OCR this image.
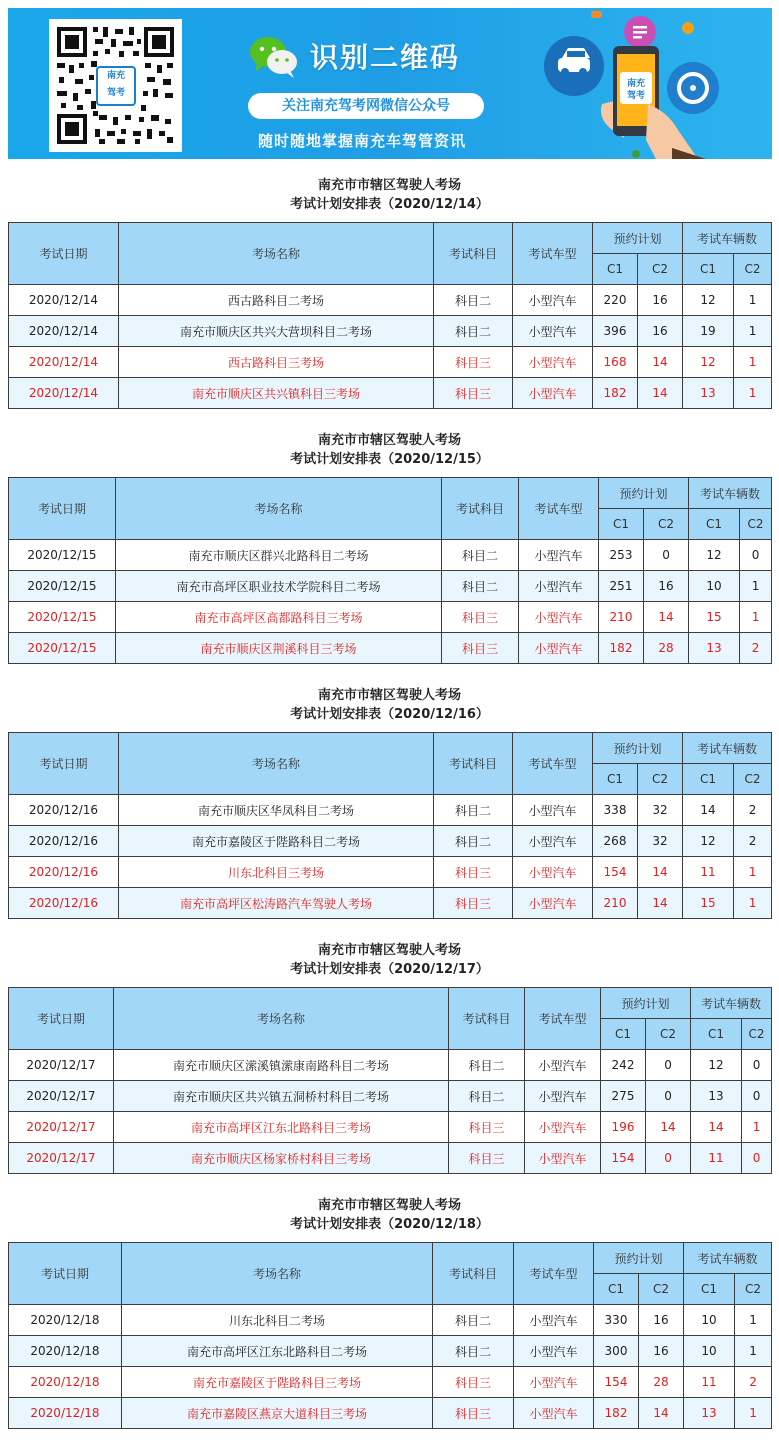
南充
驾考
识别二维码
关注南充驾考网微信公众号
随时随地掌握南充车驾管资讯
南充
驾考
南充市市辖区驾驶人考场
考试计划安排表（2020/12/14）
考试日期	考场名称	考试科目	考试车型	预约计划		考试车辆数	
				C1	C2	C1	C2
2020/12/14	西古路科目二考场	科目二	小型汽车	220	16	12	1
2020/12/14	南充市顺庆区共兴大营坝科目二考场	科目二	小型汽车	396	16	19	1
2020/12/14	西古路科目三考场	科目三	小型汽车	168	14	12	1
2020/12/14	南充市顺庆区共兴镇科目三考场	科目三	小型汽车	182	14	13	1
南充市市辖区驾驶人考场
考试计划安排表（2020/12/15）
考试日期	考场名称	考试科目	考试车型	预约计划		考试车辆数	
				C1	C2	C1	C2
2020/12/15	南充市顺庆区群兴北路科目二考场	科目二	小型汽车	253	0	12	0
2020/12/15	南充市高坪区职业技术学院科目二考场	科目二	小型汽车	251	16	10	1
2020/12/15	南充市高坪区高都路科目三考场	科目三	小型汽车	210	14	15	1
2020/12/15	南充市顺庆区荆溪科目三考场	科目三	小型汽车	182	28	13	2
南充市市辖区驾驶人考场
考试计划安排表（2020/12/16）
考试日期	考场名称	考试科目	考试车型	预约计划		考试车辆数	
				C1	C2	C1	C2
2020/12/16	南充市顺庆区华凤科目二考场	科目二	小型汽车	338	32	14	2
2020/12/16	南充市嘉陵区于陛路科目二考场	科目二	小型汽车	268	32	12	2
2020/12/16	川东北科目三考场	科目三	小型汽车	154	14	11	1
2020/12/16	南充市高坪区松涛路汽车驾驶人考场	科目三	小型汽车	210	14	15	1
南充市市辖区驾驶人考场
考试计划安排表（2020/12/17）
考试日期	考场名称	考试科目	考试车型	预约计划		考试车辆数	
				C1	C2	C1	C2
2020/12/17	南充市顺庆区潆溪镇潆康南路科目二考场	科目二	小型汽车	242	0	12	0
2020/12/17	南充市顺庆区共兴镇五洞桥村科目二考场	科目二	小型汽车	275	0	13	0
2020/12/17	南充市高坪区江东北路科目三考场	科目三	小型汽车	196	14	14	1
2020/12/17	南充市顺庆区杨家桥村科目三考场	科目三	小型汽车	154	0	11	0
南充市市辖区驾驶人考场
考试计划安排表（2020/12/18）
考试日期	考场名称	考试科目	考试车型	预约计划		考试车辆数	
				C1	C2	C1	C2
2020/12/18	川东北科目二考场	科目二	小型汽车	330	16	10	1
2020/12/18	南充市高坪区江东北路科目二考场	科目二	小型汽车	300	16	10	1
2020/12/18	南充市嘉陵区于陛路科目三考场	科目三	小型汽车	154	28	11	2
2020/12/18	南充市嘉陵区燕京大道科目三考场	科目三	小型汽车	182	14	13	1
